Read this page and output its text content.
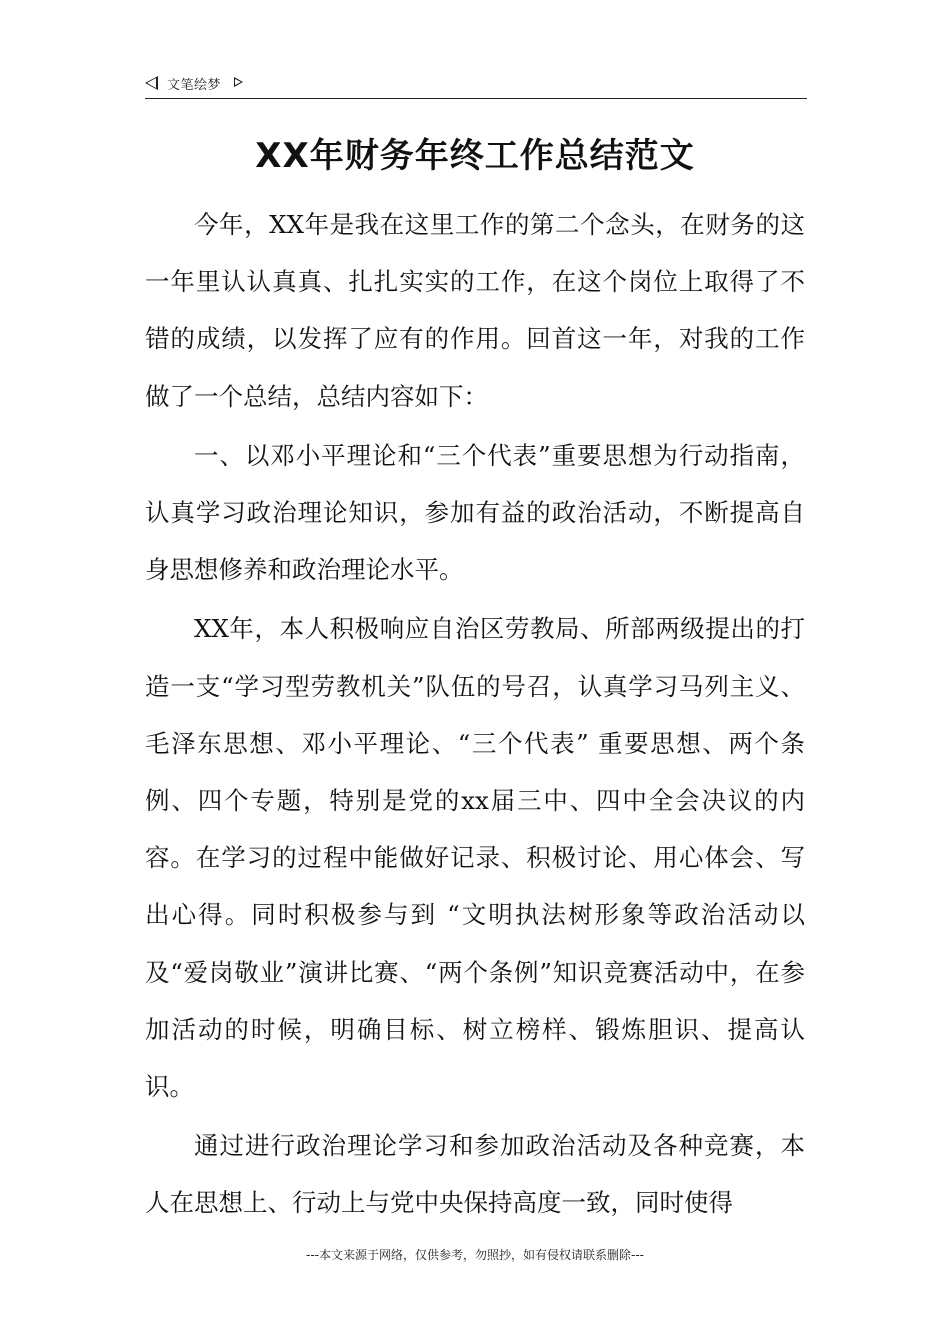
文笔绘梦
XX年财务年终工作总结范文

今年，XX年是我在这里工作的第二个念头，在财务的这一年里认认真真、扎扎实实的工作，在这个岗位上取得了不错的成绩，以发挥了应有的作用。回首这一年，对我的工作做了一个总结，总结内容如下：

一、以邓小平理论和“三个代表”重要思想为行动指南，认真学习政治理论知识，参加有益的政治活动，不断提高自身思想修养和政治理论水平。

XX年，本人积极响应自治区劳教局、所部两级提出的打造一支“学习型劳教机关”队伍的号召，认真学习马列主义、毛泽东思想、邓小平理论、“三个代表” 重要思想、两个条例、四个专题，特别是党的xx届三中、四中全会决议的内容。在学习的过程中能做好记录、积极讨论、用心体会、写出心得。同时积极参与到 “文明执法树形象等政治活动以及“爱岗敬业”演讲比赛、“两个条例”知识竞赛活动中，在参加活动的时候，明确目标、树立榜样、锻炼胆识、提高认识。

通过进行政治理论学习和参加政治活动及各种竞赛，本人在思想上、行动上与党中央保持高度一致，同时使得

---本文来源于网络，仅供参考，勿照抄，如有侵权请联系删除---
